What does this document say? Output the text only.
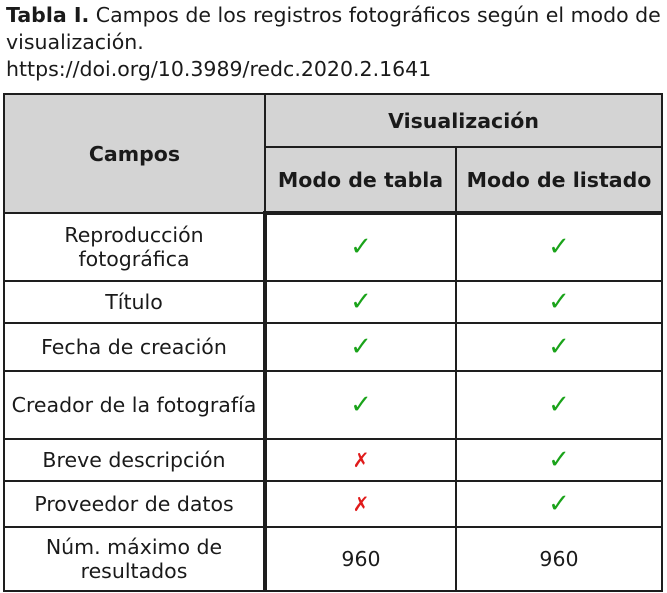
Tabla I. Campos de los registros fotográficos según el modo de visualización.
https://doi.org/10.3989/redc.2020.2.1641
Campos	Visualización	
	Modo de tabla	Modo de listado
Reproducción fotográfica	✓	✓
Título	✓	✓
Fecha de creación	✓	✓
Creador de la fotografía	✓	✓
Breve descripción	✗	✓
Proveedor de datos	✗	✓
Núm. máximo de resultados	960	960
